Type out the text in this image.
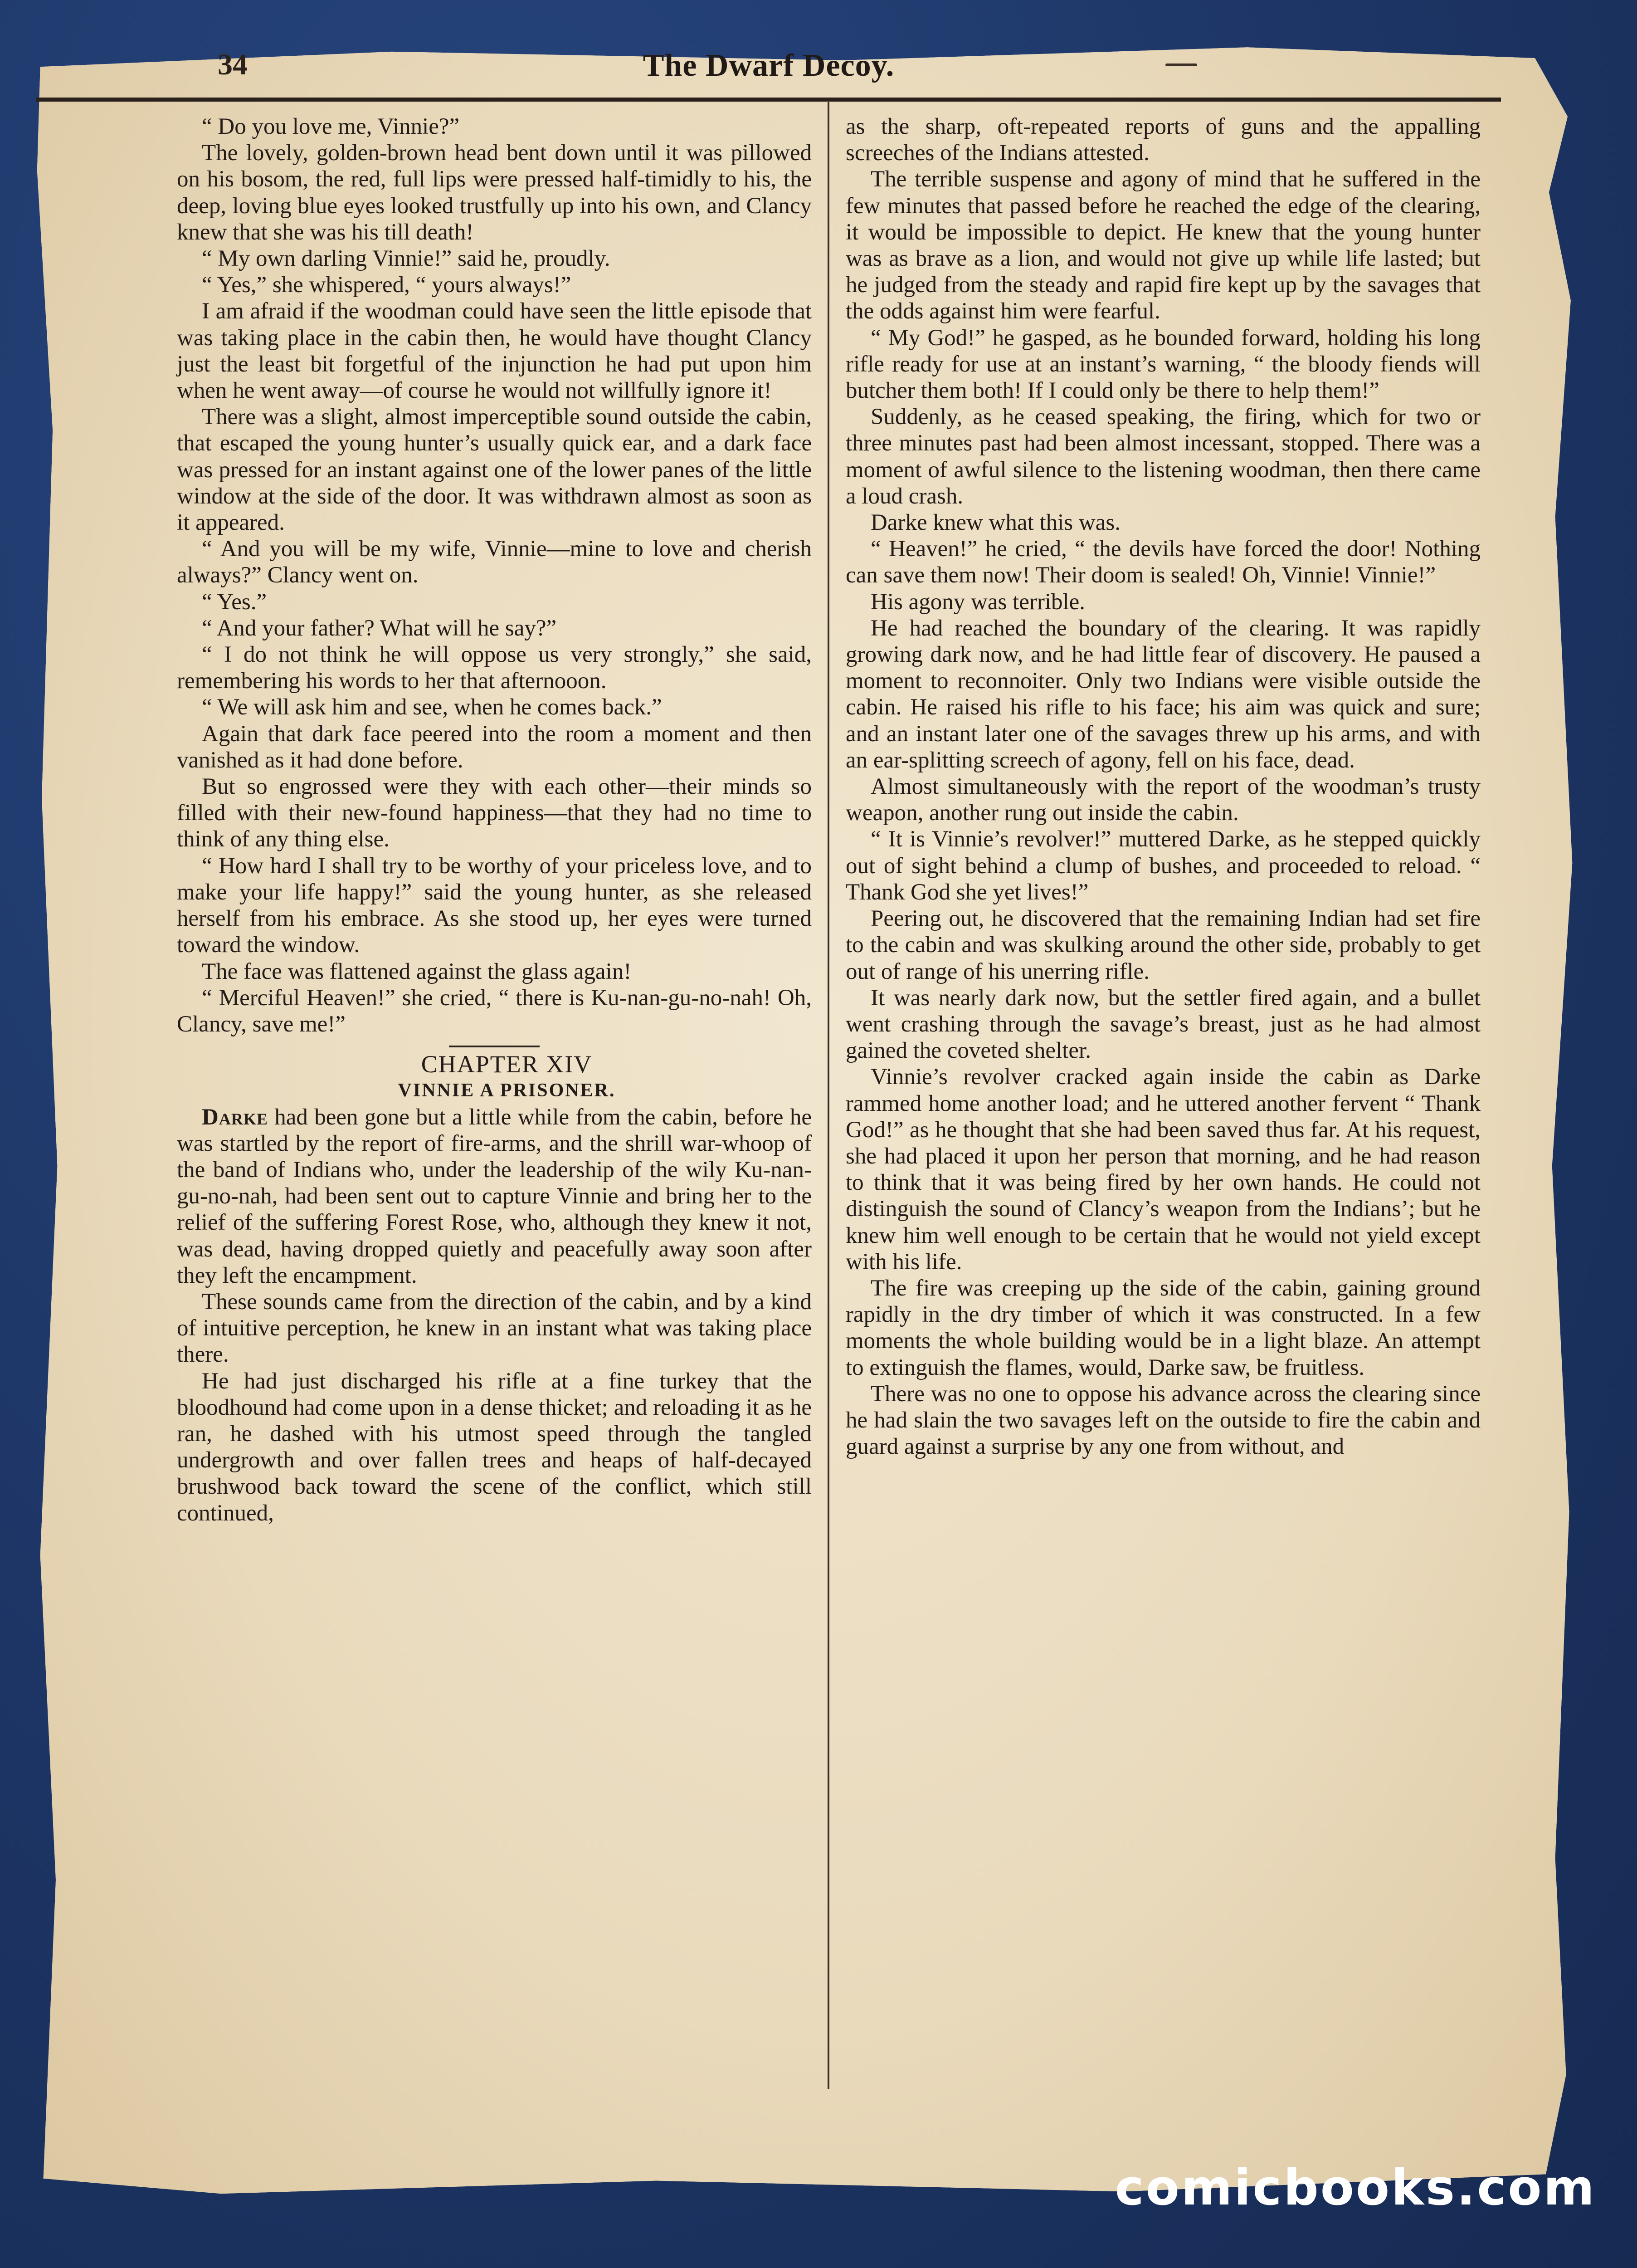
34	The Dwarf Decoy.

“ Do you love me, Vinnie?”

The lovely, golden-brown head bent down until it was pillowed on his bosom, the red, full lips were pressed half-timidly to his, the deep, loving blue eyes looked trustfully up into his own, and Clancy knew that she was his till death!

“ My own darling Vinnie!” said he, proudly.

“ Yes,” she whispered, “ yours always!”

I am afraid if the woodman could have seen the little episode that was taking place in the cabin then, he would have thought Clancy just the least bit forgetful of the injunction he had put upon him when he went away—of course he would not willfully ignore it!

There was a slight, almost imperceptible sound outside the cabin, that escaped the young hunter’s usually quick ear, and a dark face was pressed for an instant against one of the lower panes of the little window at the side of the door. It was withdrawn almost as soon as it appeared.

“ And you will be my wife, Vinnie—mine to love and cherish always?” Clancy went on.

“ Yes.”

“ And your father? What will he say?”

“ I do not think he will oppose us very strongly,” she said, remembering his words to her that afternooon.

“ We will ask him and see, when he comes back.”

Again that dark face peered into the room a moment and then vanished as it had done before.

But so engrossed were they with each other—their minds so filled with their new-found happiness—that they had no time to think of any thing else.

“ How hard I shall try to be worthy of your priceless love, and to make your life happy!” said the young hunter, as she released herself from his embrace. As she stood up, her eyes were turned toward the window.

The face was flattened against the glass again!

“ Merciful Heaven!” she cried, “ there is Ku-nan-gu-no-nah! Oh, Clancy, save me!”

CHAPTER XIV

VINNIE A PRISONER.

Darke had been gone but a little while from the cabin, before he was startled by the report of fire-arms, and the shrill war-whoop of the band of Indians who, under the leadership of the wily Ku-nan-gu-no-nah, had been sent out to capture Vinnie and bring her to the relief of the suffering Forest Rose, who, although they knew it not, was dead, having dropped quietly and peacefully away soon after they left the encampment.

These sounds came from the direction of the cabin, and by a kind of intuitive perception, he knew in an instant what was taking place there.

He had just discharged his rifle at a fine turkey that the bloodhound had come upon in a dense thicket; and reloading it as he ran, he dashed with his utmost speed through the tangled undergrowth and over fallen trees and heaps of half-decayed brushwood back toward the scene of the conflict, which still continued,

as the sharp, oft-repeated reports of guns and the appalling screeches of the Indians attested.

The terrible suspense and agony of mind that he suffered in the few minutes that passed before he reached the edge of the clearing, it would be impossible to depict. He knew that the young hunter was as brave as a lion, and would not give up while life lasted; but he judged from the steady and rapid fire kept up by the savages that the odds against him were fearful.

“ My God!” he gasped, as he bounded forward, holding his long rifle ready for use at an instant’s warning, “ the bloody fiends will butcher them both! If I could only be there to help them!”

Suddenly, as he ceased speaking, the firing, which for two or three minutes past had been almost incessant, stopped. There was a moment of awful silence to the listening woodman, then there came a loud crash.

Darke knew what this was.

“ Heaven!” he cried, “ the devils have forced the door! Nothing can save them now! Their doom is sealed! Oh, Vinnie! Vinnie!”

His agony was terrible.

He had reached the boundary of the clearing. It was rapidly growing dark now, and he had little fear of discovery. He paused a moment to reconnoiter. Only two Indians were visible outside the cabin. He raised his rifle to his face; his aim was quick and sure; and an instant later one of the savages threw up his arms, and with an ear-splitting screech of agony, fell on his face, dead.

Almost simultaneously with the report of the woodman’s trusty weapon, another rung out inside the cabin.

“ It is Vinnie’s revolver!” muttered Darke, as he stepped quickly out of sight behind a clump of bushes, and proceeded to reload. “ Thank God she yet lives!”

Peering out, he discovered that the remaining Indian had set fire to the cabin and was skulking around the other side, probably to get out of range of his unerring rifle.

It was nearly dark now, but the settler fired again, and a bullet went crashing through the savage’s breast, just as he had almost gained the coveted shelter.

Vinnie’s revolver cracked again inside the cabin as Darke rammed home another load; and he uttered another fervent “ Thank God!” as he thought that she had been saved thus far. At his request, she had placed it upon her person that morning, and he had reason to think that it was being fired by her own hands. He could not distinguish the sound of Clancy’s weapon from the Indians’; but he knew him well enough to be certain that he would not yield except with his life.

The fire was creeping up the side of the cabin, gaining ground rapidly in the dry timber of which it was constructed. In a few moments the whole building would be in a light blaze. An attempt to extinguish the flames, would, Darke saw, be fruitless.

There was no one to oppose his advance across the clearing since he had slain the two savages left on the outside to fire the cabin and guard against a surprise by any one from without, and

comicbooks.com
